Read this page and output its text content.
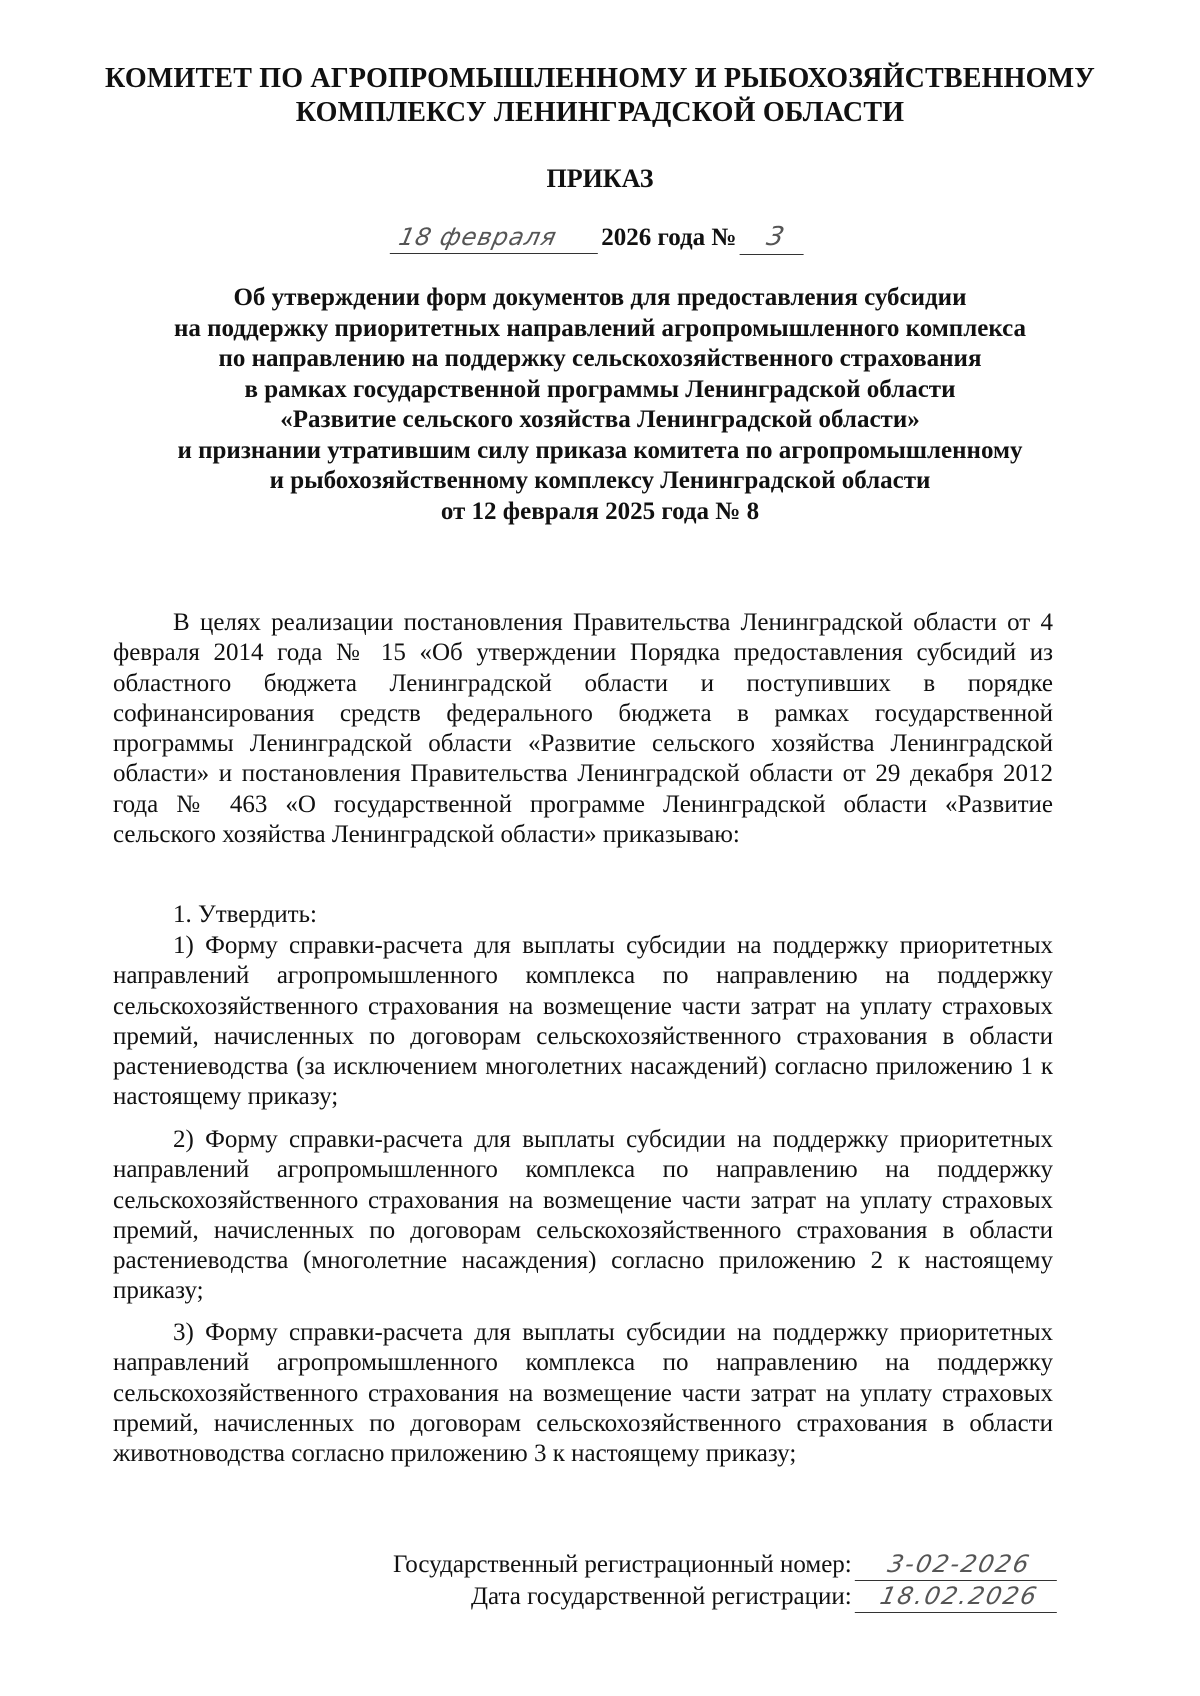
КОМИТЕТ ПО АГРОПРОМЫШЛЕННОМУ И РЫБОХОЗЯЙСТВЕННОМУ
КОМПЛЕКСУ ЛЕНИНГРАДСКОЙ ОБЛАСТИ
ПРИКАЗ
18 февраля 2026 года № 3
Об утверждении форм документов для предоставления субсидии
на поддержку приоритетных направлений агропромышленного комплекса
по направлению на поддержку сельскохозяйственного страхования
в рамках государственной программы Ленинградской области
«Развитие сельского хозяйства Ленинградской области»
и признании утратившим силу приказа комитета по агропромышленному
и рыбохозяйственному комплексу Ленинградской области
от 12 февраля 2025 года № 8

В целях реализации постановления Правительства Ленинградской области от 4 февраля 2014 года № 15 «Об утверждении Порядка предоставления субсидий из областного бюджета Ленинградской области и поступивших в порядке софинансирования средств федерального бюджета в рамках государственной программы Ленинградской области «Развитие сельского хозяйства Ленинградской области» и постановления Правительства Ленинградской области от 29 декабря 2012 года № 463 «О государственной программе Ленинградской области «Развитие сельского хозяйства Ленинградской области» приказываю:

1. Утвердить:

1) Форму справки-расчета для выплаты субсидии на поддержку приоритетных направлений агропромышленного комплекса по направлению на поддержку сельскохозяйственного страхования на возмещение части затрат на уплату страховых премий, начисленных по договорам сельскохозяйственного страхования в области растениеводства (за исключением многолетних насаждений) согласно приложению 1 к настоящему приказу;

2) Форму справки-расчета для выплаты субсидии на поддержку приоритетных направлений агропромышленного комплекса по направлению на поддержку сельскохозяйственного страхования на возмещение части затрат на уплату страховых премий, начисленных по договорам сельскохозяйственного страхования в области растениеводства (многолетние насаждения) согласно приложению 2 к настоящему приказу;

3) Форму справки-расчета для выплаты субсидии на поддержку приоритетных направлений агропромышленного комплекса по направлению на поддержку сельскохозяйственного страхования на возмещение части затрат на уплату страховых премий, начисленных по договорам сельскохозяйственного страхования в области животноводства согласно приложению 3 к настоящему приказу;

Государственный регистрационный номер: 3-02-2026
Дата государственной регистрации: 18.02.2026
